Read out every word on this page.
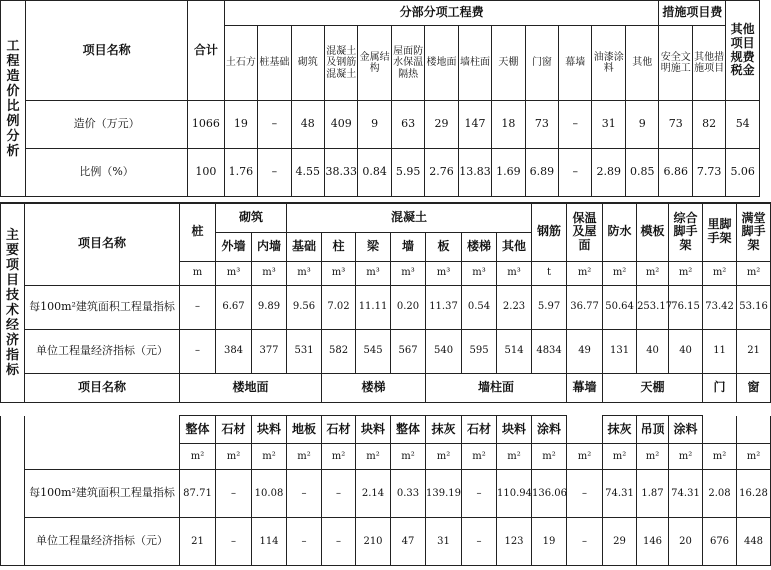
工程造价比例分析	项目名称	合计	分部分项工程费													措施项目费		其他项目规费税金
			土石方	桩基础	砌筑	混凝土及钢筋混凝土	金属结构	屋面防水保温隔热	楼地面	墙柱面	天棚	门窗	幕墙	油漆涂料	其他	安全文明施工	其他措施项目	
	造价（万元）	1066	19	–	48	409	9	63	29	147	18	73	–	31	9	73	82	54
	比例（%）	100	1.76	–	4.55	38.33	0.84	5.95	2.76	13.83	1.69	6.89	–	2.89	0.85	6.86	7.73	5.06
主要项目技术经济指标	项目名称	桩	砌筑		混凝土							钢筋	保温及屋面	防水	模板	综合脚手架	里脚手架	满堂脚手架
			外墙	内墙	基础	柱	梁	墙	板	楼梯	其他							
		m	m³	m³	m³	m³	m³	m³	m³	m³	m³	t	m²	m²	m²	m²	m²	m²
	每100m²建筑面积工程量指标	–	6.67	9.89	9.56	7.02	11.11	0.20	11.37	0.54	2.23	5.97	36.77	50.64	253.17	76.15	73.42	53.16
	单位工程量经济指标（元）	–	384	377	531	582	545	567	540	595	514	4834	49	131	40	40	11	21
	项目名称	楼地面				楼梯			墙柱面				幕墙	天棚			门	窗
		整体	石材	块料	地板	石材	块料	整体	抹灰	石材	块料	涂料		抹灰	吊顶	涂料		
		m²	m²	m²	m²	m²	m²	m²	m²	m²	m²	m²	m²	m²	m²	m²	m²	m²
	每100m²建筑面积工程量指标	87.71	–	10.08	–	–	2.14	0.33	139.19	–	110.94	136.06	–	74.31	1.87	74.31	2.08	16.28
	单位工程量经济指标（元）	21	–	114	–	–	210	47	31	–	123	19	–	29	146	20	676	448
